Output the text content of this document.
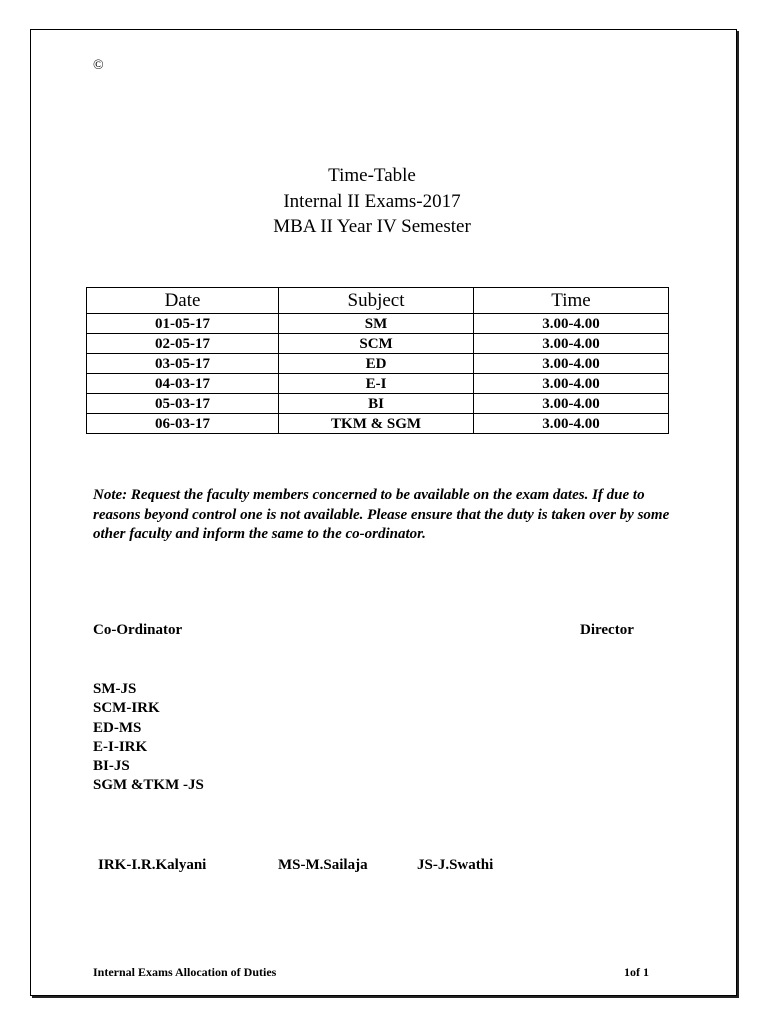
©
Time-Table
Internal II Exams-2017
MBA II Year IV Semester
Date	Subject	Time
01-05-17	SM	3.00-4.00
02-05-17	SCM	3.00-4.00
03-05-17	ED	3.00-4.00
04-03-17	E-I	3.00-4.00
05-03-17	BI	3.00-4.00
06-03-17	TKM & SGM	3.00-4.00
Note: Request the faculty members concerned to be available on the exam dates. If due to reasons beyond control one is not available. Please ensure that the duty is taken over by some other faculty and inform the same to the co-ordinator.
Co-Ordinator	Director
SM-JS
SCM-IRK
ED-MS
E-I-IRK
BI-JS
SGM &TKM -JS
IRK-I.R.Kalyani	MS-M.Sailaja	JS-J.Swathi
Internal Exams Allocation of Duties	1of 1
